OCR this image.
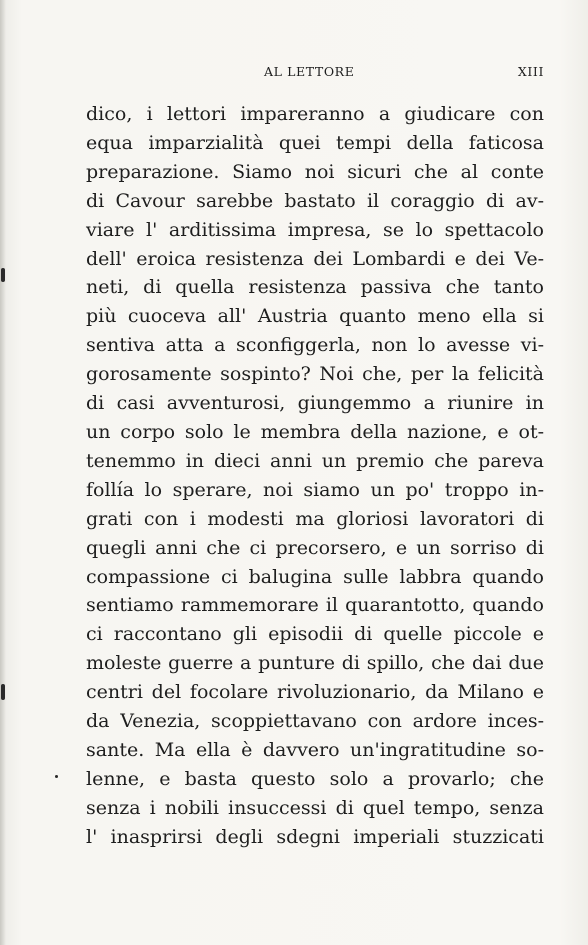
AL LETTORE	XIII
dico, i lettori impareranno a giudicare con
equa imparzialità quei tempi della faticosa
preparazione. Siamo noi sicuri che al conte
di Cavour sarebbe bastato il coraggio di av-
viare l' arditissima impresa, se lo spettacolo
dell' eroica resistenza dei Lombardi e dei Ve-
neti, di quella resistenza passiva che tanto
più cuoceva all' Austria quanto meno ella si
sentiva atta a sconfiggerla, non lo avesse vi-
gorosamente sospinto? Noi che, per la felicità
di casi avventurosi, giungemmo a riunire in
un corpo solo le membra della nazione, e ot-
tenemmo in dieci anni un premio che pareva
follía lo sperare, noi siamo un po' troppo in-
grati con i modesti ma gloriosi lavoratori di
quegli anni che ci precorsero, e un sorriso di
compassione ci balugina sulle labbra quando
sentiamo rammemorare il quarantotto, quando
ci raccontano gli episodii di quelle piccole e
moleste guerre a punture di spillo, che dai due
centri del focolare rivoluzionario, da Milano e
da Venezia, scoppiettavano con ardore inces-
sante. Ma ella è davvero un'ingratitudine so-
lenne, e basta questo solo a provarlo; che
senza i nobili insuccessi di quel tempo, senza
l' inasprirsi degli sdegni imperiali stuzzicati
